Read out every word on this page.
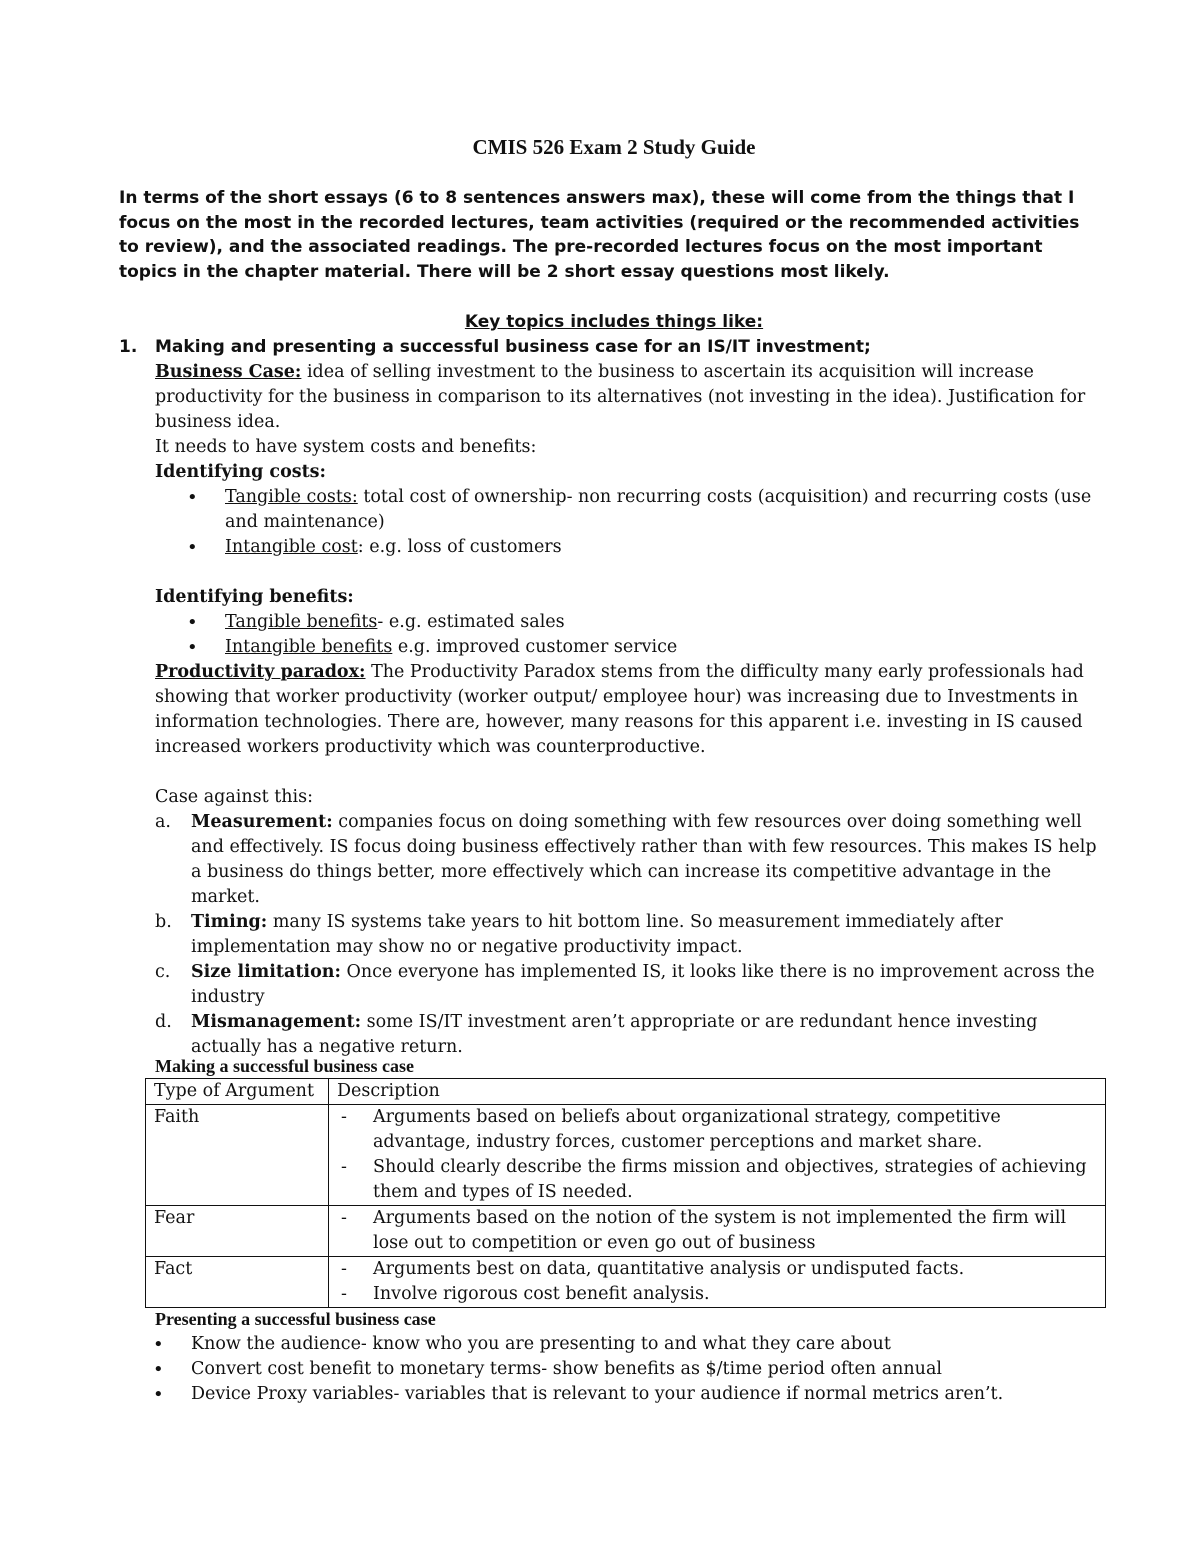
CMIS 526 Exam 2 Study Guide
In terms of the short essays (6 to 8 sentences answers max), these will come from the things that I focus on the most in the recorded lectures, team activities (required or the recommended activities to review), and the associated readings. The pre-recorded lectures focus on the most important topics in the chapter material. There will be 2 short essay questions most likely.
Key topics includes things like:
1.	Making and presenting a successful business case for an IS/IT investment;
Business Case: idea of selling investment to the business to ascertain its acquisition will increase productivity for the business in comparison to its alternatives (not investing in the idea). Justification for business idea.
It needs to have system costs and benefits:
Identifying costs:
• Tangible costs: total cost of ownership- non recurring costs (acquisition) and recurring costs (use and maintenance)
• Intangible cost: e.g. loss of customers
Identifying benefits:
• Tangible benefits- e.g. estimated sales
• Intangible benefits e.g. improved customer service
Productivity paradox: The Productivity Paradox stems from the difficulty many early professionals had showing that worker productivity (worker output/ employee hour) was increasing due to Investments in information technologies. There are, however, many reasons for this apparent i.e. investing in IS caused increased workers productivity which was counterproductive.
Case against this:
a. Measurement: companies focus on doing something with few resources over doing something well and effectively. IS focus doing business effectively rather than with few resources. This makes IS help a business do things better, more effectively which can increase its competitive advantage in the market.
b. Timing: many IS systems take years to hit bottom line. So measurement immediately after implementation may show no or negative productivity impact.
c. Size limitation: Once everyone has implemented IS, it looks like there is no improvement across the industry
d. Mismanagement: some IS/IT investment aren’t appropriate or are redundant hence investing actually has a negative return.
Making a successful business case
Type of Argument	Description
Faith	- Arguments based on beliefs about organizational strategy, competitive advantage, industry forces, customer perceptions and market share.
- Should clearly describe the firms mission and objectives, strategies of achieving them and types of IS needed.

Fear	- Arguments based on the notion of the system is not implemented the firm will lose out to competition or even go out of business

Fact	- Arguments best on data, quantitative analysis or undisputed facts.
- Involve rigorous cost benefit analysis.
Presenting a successful business case
• Know the audience- know who you are presenting to and what they care about
• Convert cost benefit to monetary terms- show benefits as $/time period often annual
• Device Proxy variables- variables that is relevant to your audience if normal metrics aren’t.
